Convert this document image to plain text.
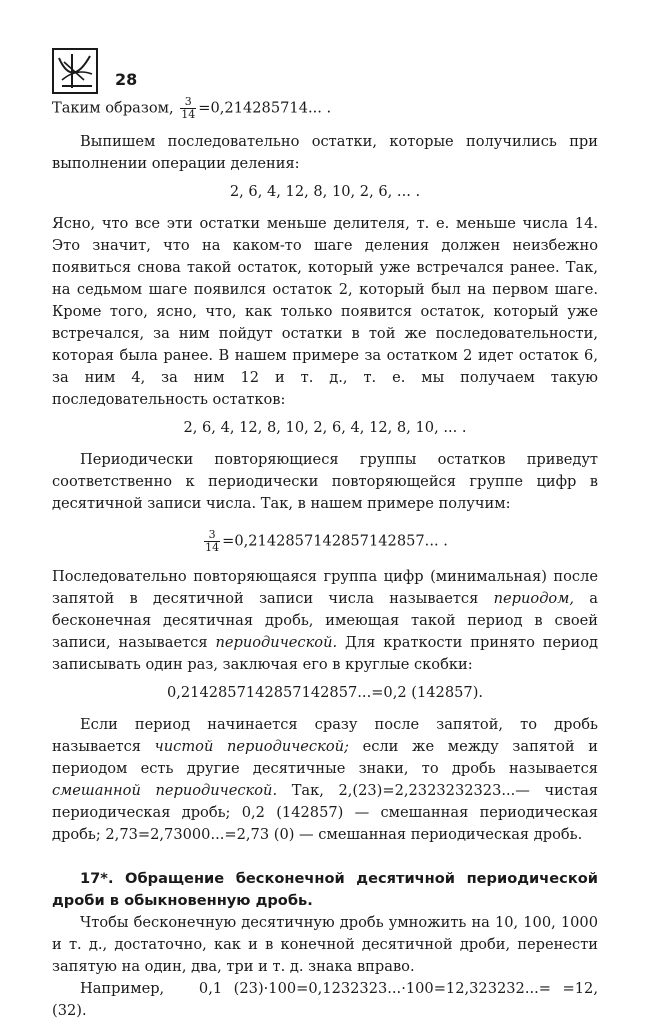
28

Таким образом, $\frac{3}{14} =0,214285714$... .

Выпишем последовательно остатки, которые получились при выполнении операции деления:

2, 6, 4, 12, 8, 10, 2, 6, ... .

Ясно, что все эти остатки меньше делителя, т. е. меньше числа 14. Это значит, что на каком-то шаге деления должен неизбежно появиться снова такой остаток, который уже встречался ранее. Так, на седьмом шаге появился остаток 2, который был на первом шаге. Кроме того, ясно, что, как только появится остаток, который уже встречался, за ним пойдут остатки в той же последовательности, которая была ранее. В нашем примере за остатком 2 идет остаток 6, за ним 4, за ним 12 и т. д., т. е. мы получаем такую последовательность остатков:

2, 6, 4, 12, 8, 10, 2, 6, 4, 12, 8, 10, ... .

Периодически повторяющиеся группы остатков приведут соответственно к периодически повторяющейся группе цифр в десятичной записи числа. Так, в нашем примере получим:

$\frac{3}{14} =0,2142857142857142857$... .

Последовательно повторяющаяся группа цифр (минимальная) после запятой в десятичной записи числа называется периодом, а бесконечная десятичная дробь, имеющая такой период в своей записи, называется периодической. Для краткости принято период записывать один раз, заключая его в круглые скобки:

0,2142857142857142857...=0,2 (142857).

Если период начинается сразу после запятой, то дробь называется чистой периодической; если же между запятой и периодом есть другие десятичные знаки, то дробь называется смешанной периодической. Так, 2,(23)=2,2323232323...— чистая периодическая дробь; 0,2 (142857) — смешанная периодическая дробь; 2,73=2,73000...=2,73 (0) — смешанная периодическая дробь.

17*. Обращение бесконечной десятичной периодической дроби в обыкновенную дробь.

Чтобы бесконечную десятичную дробь умножить на 10, 100, 1000 и т. д., достаточно, как и в конечной десятичной дроби, перенести запятую на один, два, три и т. д. знака вправо.

Например, 0,1 (23)·100=0,1232323...·100=12,323232...= =12, (32).
